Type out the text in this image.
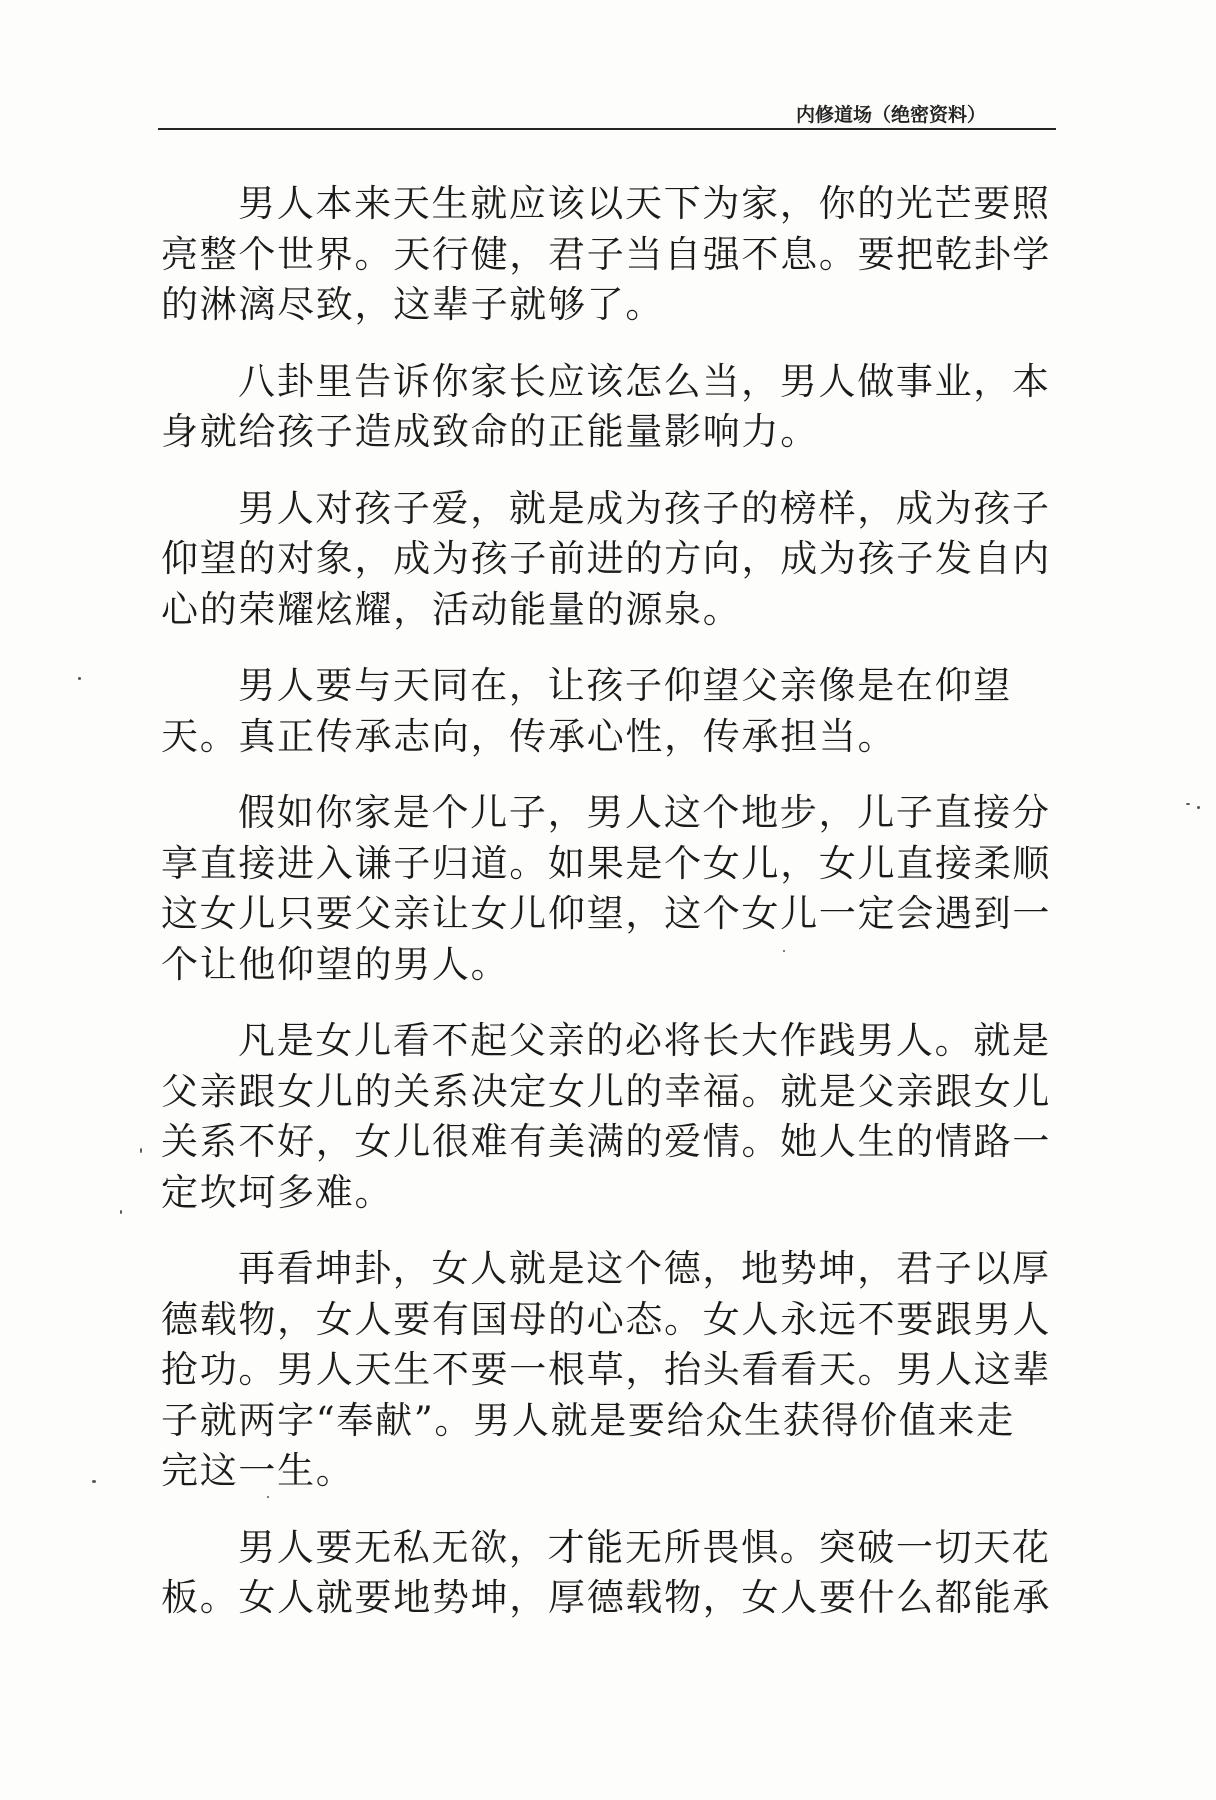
内修道场（绝密资料）
男人本来天生就应该以天下为家，你的光芒要照
亮整个世界。天行健，君子当自强不息。要把乾卦学
的淋漓尽致，这辈子就够了。
八卦里告诉你家长应该怎么当，男人做事业，本
身就给孩子造成致命的正能量影响力。
男人对孩子爱，就是成为孩子的榜样，成为孩子
仰望的对象，成为孩子前进的方向，成为孩子发自内
心的荣耀炫耀，活动能量的源泉。
男人要与天同在，让孩子仰望父亲像是在仰望
天。真正传承志向，传承心性，传承担当。
假如你家是个儿子，男人这个地步，儿子直接分
享直接进入谦子归道。如果是个女儿，女儿直接柔顺
这女儿只要父亲让女儿仰望，这个女儿一定会遇到一
个让他仰望的男人。
凡是女儿看不起父亲的必将长大作践男人。就是
父亲跟女儿的关系决定女儿的幸福。就是父亲跟女儿
关系不好，女儿很难有美满的爱情。她人生的情路一
定坎坷多难。
再看坤卦，女人就是这个德，地势坤，君子以厚
德载物，女人要有国母的心态。女人永远不要跟男人
抢功。男人天生不要一根草，抬头看看天。男人这辈
子就两字“奉献”。男人就是要给众生获得价值来走
完这一生。
男人要无私无欲，才能无所畏惧。突破一切天花
板。女人就要地势坤，厚德载物，女人要什么都能承
